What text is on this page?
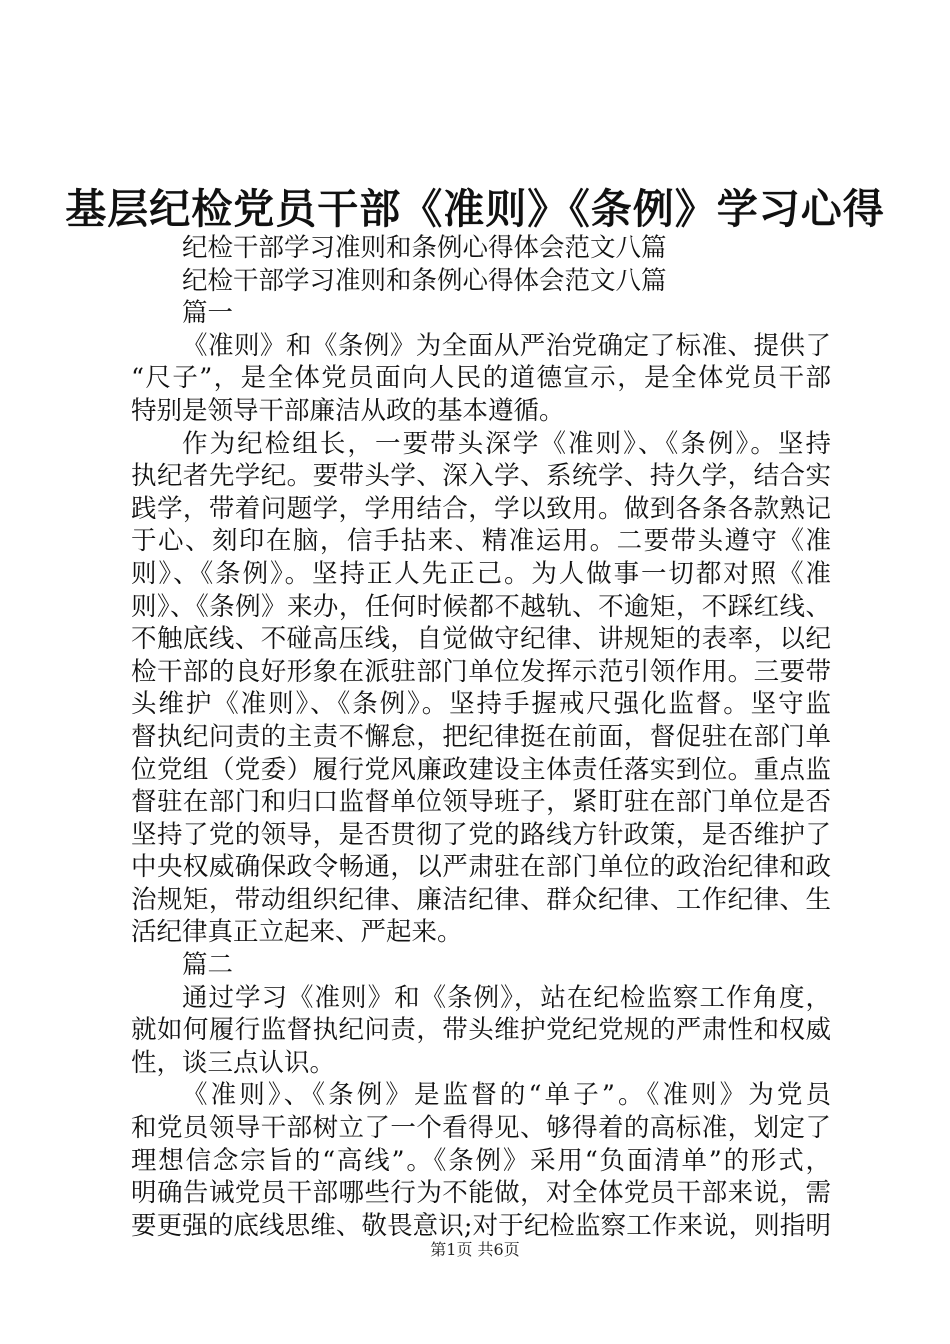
基层纪检党员干部《准则》《条例》学习心得
纪检干部学习准则和条例心得体会范文八篇
纪检干部学习准则和条例心得体会范文八篇
篇一
《准则》和《条例》为全面从严治党确定了标准、提供了
“尺子”，是全体党员面向人民的道德宣示，是全体党员干部
特别是领导干部廉洁从政的基本遵循。
作为纪检组长，一要带头深学《准则》、《条例》。坚持
执纪者先学纪。要带头学、深入学、系统学、持久学，结合实
践学，带着问题学，学用结合，学以致用。做到各条各款熟记
于心、刻印在脑，信手拈来、精准运用。二要带头遵守《准
则》、《条例》。坚持正人先正己。为人做事一切都对照《准
则》、《条例》来办，任何时候都不越轨、不逾矩，不踩红线、
不触底线、不碰高压线，自觉做守纪律、讲规矩的表率，以纪
检干部的良好形象在派驻部门单位发挥示范引领作用。三要带
头维护《准则》、《条例》。坚持手握戒尺强化监督。坚守监
督执纪问责的主责不懈怠，把纪律挺在前面，督促驻在部门单
位党组（党委）履行党风廉政建设主体责任落实到位。重点监
督驻在部门和归口监督单位领导班子，紧盯驻在部门单位是否
坚持了党的领导，是否贯彻了党的路线方针政策，是否维护了
中央权威确保政令畅通，以严肃驻在部门单位的政治纪律和政
治规矩，带动组织纪律、廉洁纪律、群众纪律、工作纪律、生
活纪律真正立起来、严起来。
篇二
通过学习《准则》和《条例》，站在纪检监察工作角度，
就如何履行监督执纪问责，带头维护党纪党规的严肃性和权威
性，谈三点认识。
《准则》、《条例》是监督的“单子”。《准则》为党员
和党员领导干部树立了一个看得见、够得着的高标准，划定了
理想信念宗旨的“高线”。《条例》采用“负面清单”的形式，
明确告诫党员干部哪些行为不能做，对全体党员干部来说，需
要更强的底线思维、敬畏意识;对于纪检监察工作来说，则指明
第1页 共6页
